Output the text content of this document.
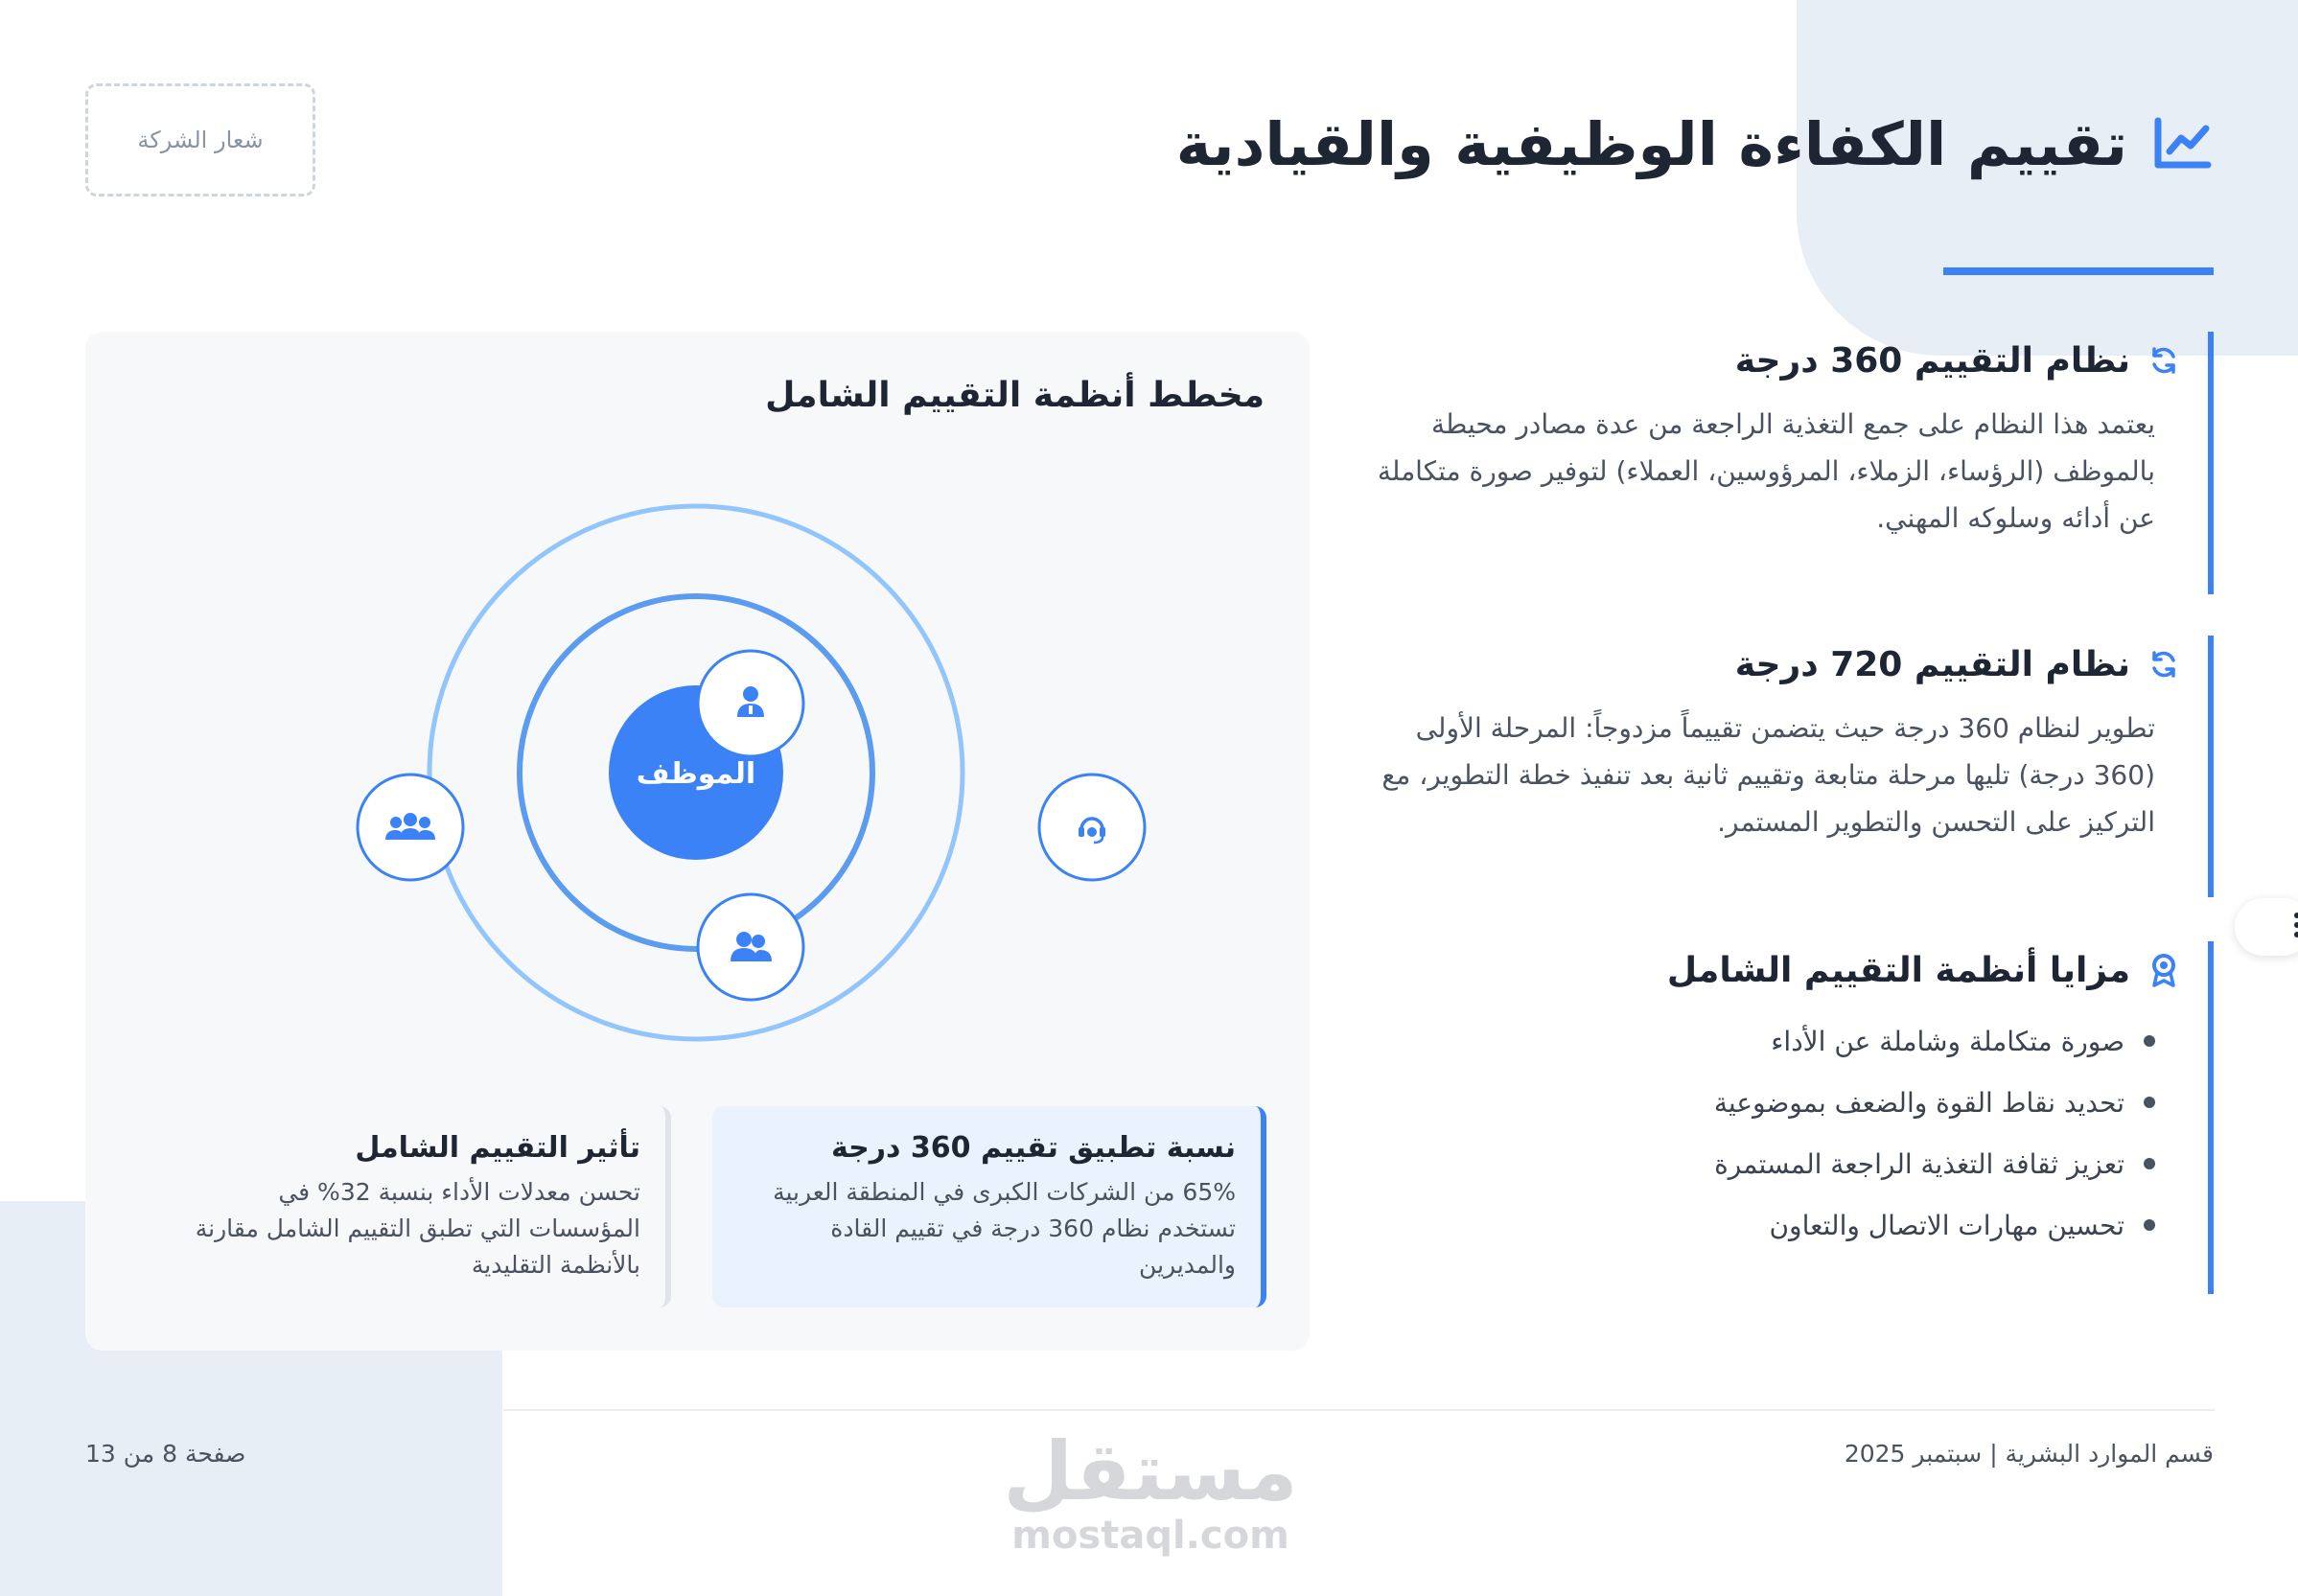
شعار الشركة	تقييم الكفاءة الوظيفية والقيادية
نظام التقييم 360 درجة

يعتمد هذا النظام على جمع التغذية الراجعة من عدة مصادر محيطة بالموظف (الرؤساء، الزملاء، المرؤوسين، العملاء) لتوفير صورة متكاملة عن أدائه وسلوكه المهني.

نظام التقييم 720 درجة

تطوير لنظام 360 درجة حيث يتضمن تقييماً مزدوجاً: المرحلة الأولى (360 درجة) تليها مرحلة متابعة وتقييم ثانية بعد تنفيذ خطة التطوير، مع التركيز على التحسن والتطوير المستمر.

مزايا أنظمة التقييم الشامل
صورة متكاملة وشاملة عن الأداء
تحديد نقاط القوة والضعف بموضوعية
تعزيز ثقافة التغذية الراجعة المستمرة
تحسين مهارات الاتصال والتعاون
مخطط أنظمة التقييم الشامل
الموظف
نسبة تطبيق تقييم 360 درجة
65% من الشركات الكبرى في المنطقة العربية تستخدم نظام 360 درجة في تقييم القادة والمديرين
تأثير التقييم الشامل
تحسن معدلات الأداء بنسبة 32% في المؤسسات التي تطبق التقييم الشامل مقارنة بالأنظمة التقليدية
قسم الموارد البشرية | سبتمبر 2025
صفحة 8 من 13	مستقل
mostaql.com
